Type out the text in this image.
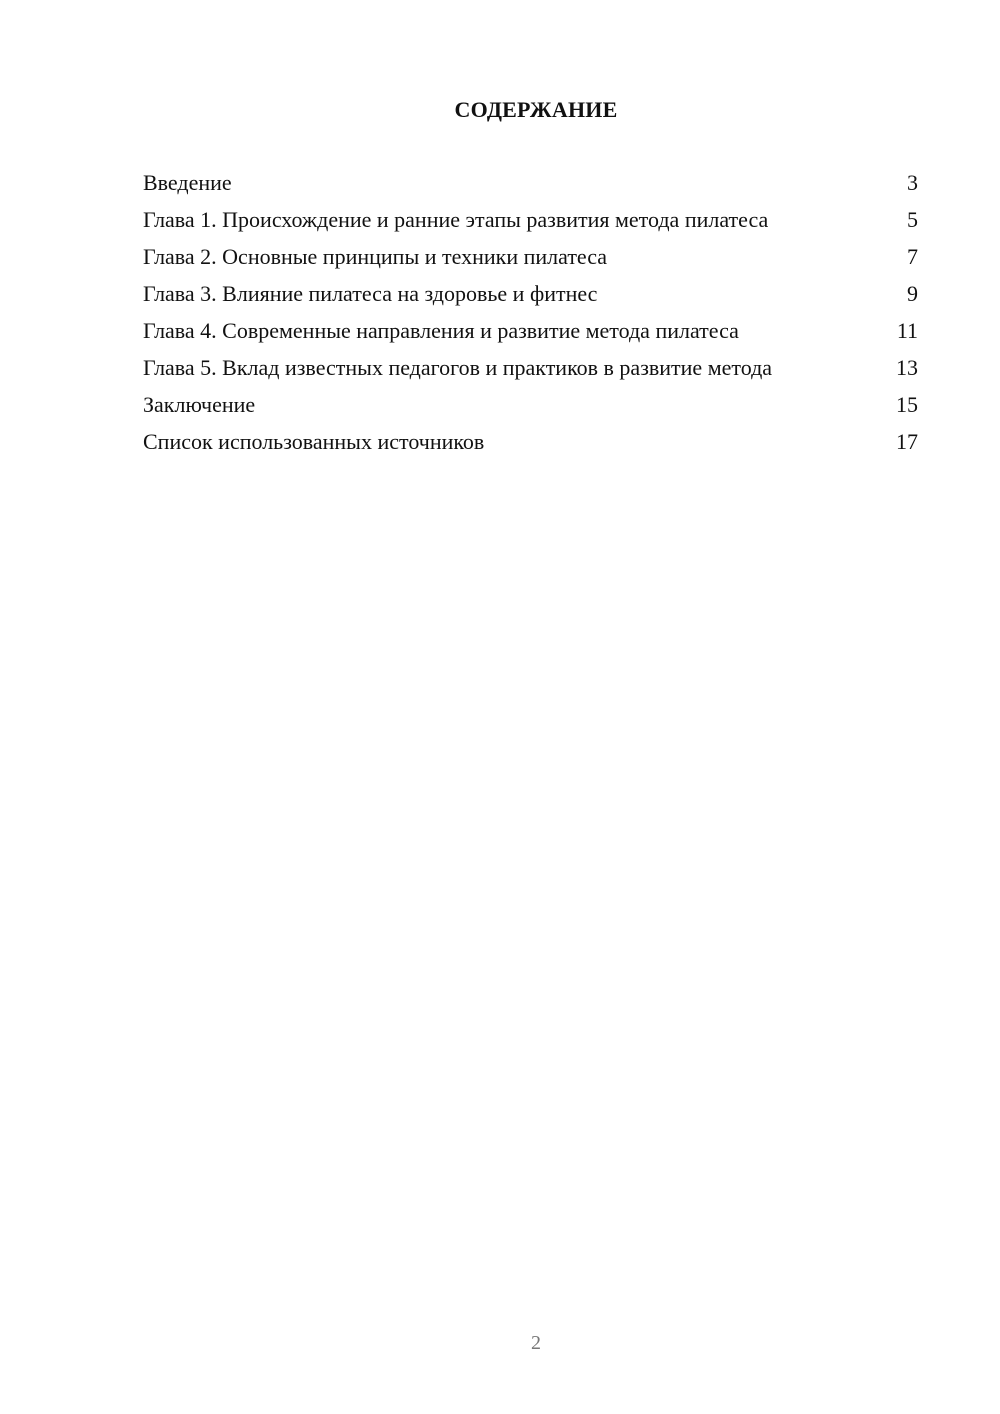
СОДЕРЖАНИЕ
Введение	3
Глава 1. Происхождение и ранние этапы развития метода пилатеса	5
Глава 2. Основные принципы и техники пилатеса	7
Глава 3. Влияние пилатеса на здоровье и фитнес	9
Глава 4. Современные направления и развитие метода пилатеса	11
Глава 5. Вклад известных педагогов и практиков в развитие метода	13
Заключение	15
Список использованных источников	17
2
